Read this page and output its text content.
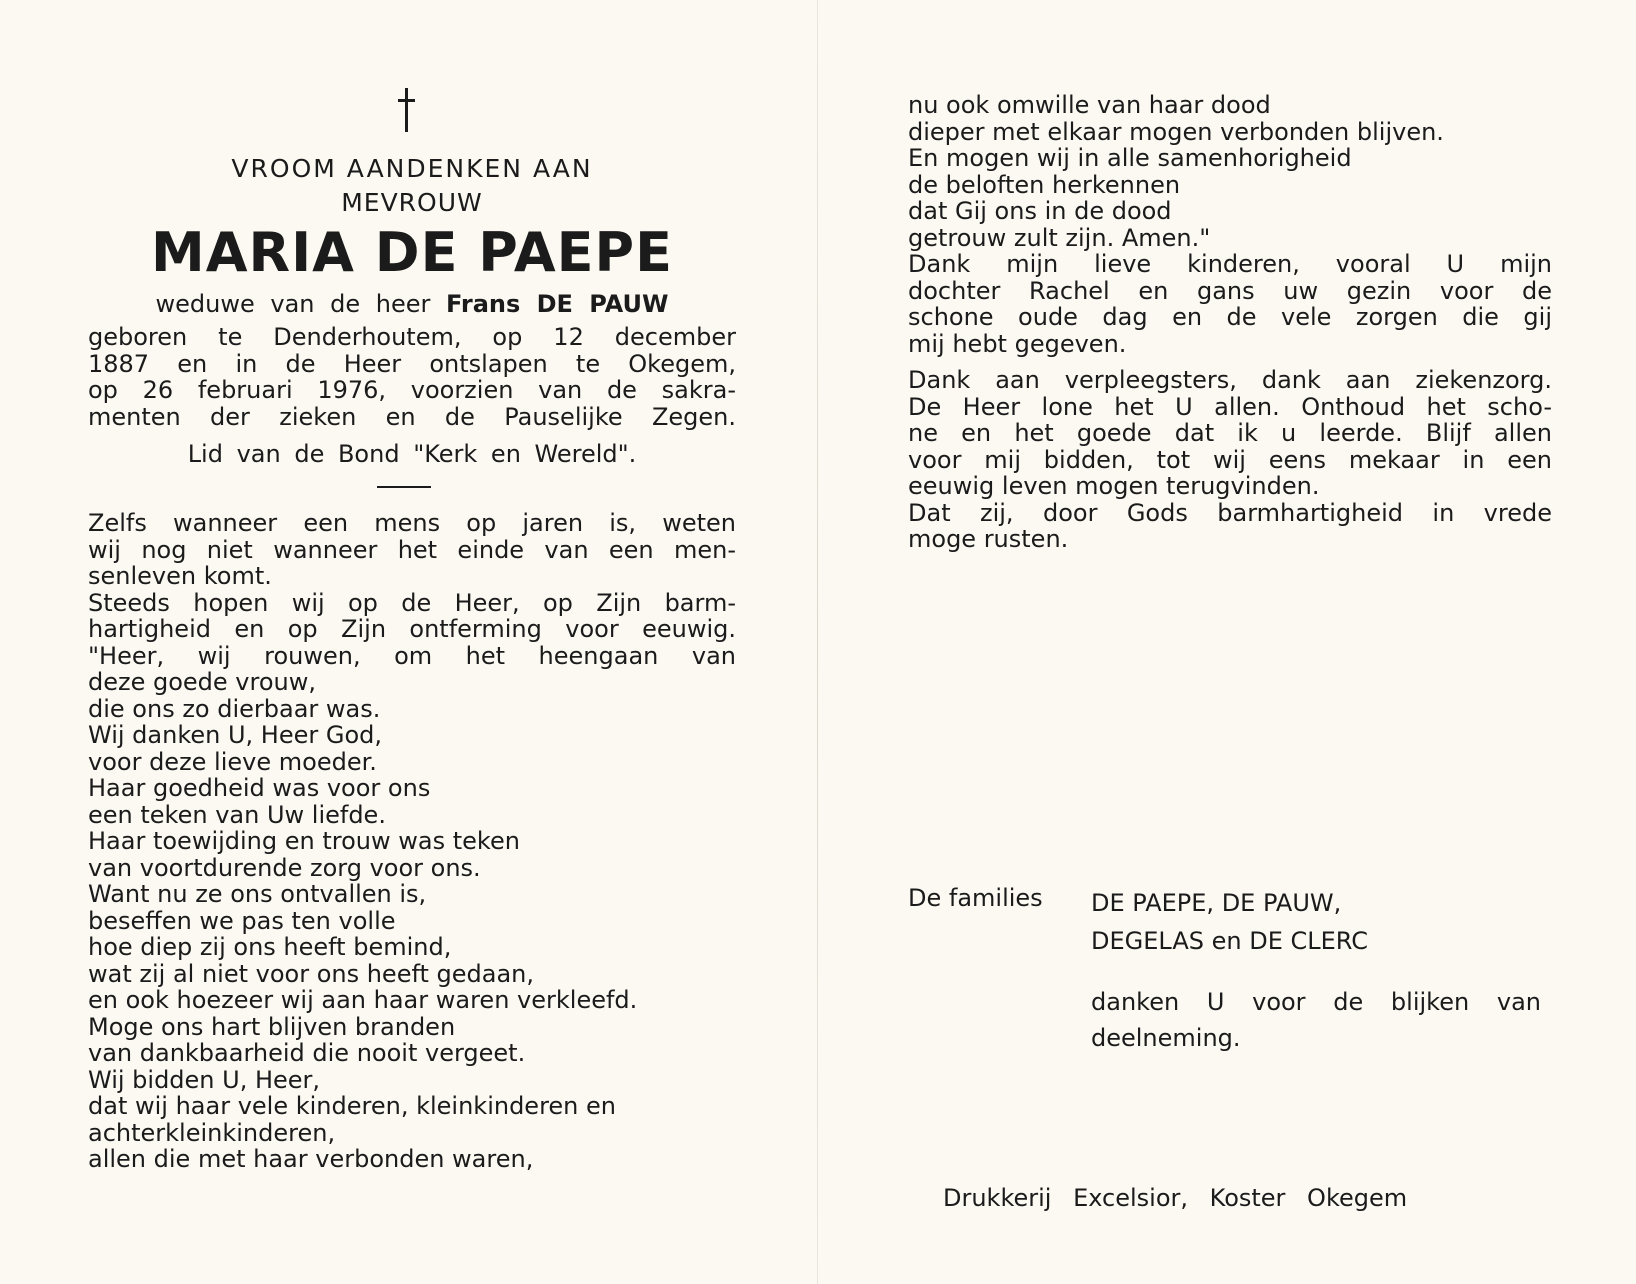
VROOM AANDENKEN AAN
MEVROUW
MARIA DE PAEPE
weduwe van de heer Frans DE PAUW
geboren te Denderhoutem, op 12 december
1887 en in de Heer ontslapen te Okegem,
op 26 februari 1976, voorzien van de sakra-
menten der zieken en de Pauselijke Zegen.
Lid van de Bond "Kerk en Wereld".
Zelfs wanneer een mens op jaren is, weten
wij nog niet wanneer het einde van een men-
senleven komt.
Steeds hopen wij op de Heer, op Zijn barm-
hartigheid en op Zijn ontferming voor eeuwig.
"Heer, wij rouwen, om het heengaan van
deze goede vrouw,
die ons zo dierbaar was.
Wij danken U, Heer God,
voor deze lieve moeder.
Haar goedheid was voor ons
een teken van Uw liefde.
Haar toewijding en trouw was teken
van voortdurende zorg voor ons.
Want nu ze ons ontvallen is,
beseffen we pas ten volle
hoe diep zij ons heeft bemind,
wat zij al niet voor ons heeft gedaan,
en ook hoezeer wij aan haar waren verkleefd.
Moge ons hart blijven branden
van dankbaarheid die nooit vergeet.
Wij bidden U, Heer,
dat wij haar vele kinderen, kleinkinderen en
achterkleinkinderen,
allen die met haar verbonden waren,
nu ook omwille van haar dood
dieper met elkaar mogen verbonden blijven.
En mogen wij in alle samenhorigheid
de beloften herkennen
dat Gij ons in de dood
getrouw zult zijn. Amen."
Dank mijn lieve kinderen, vooral U mijn
dochter Rachel en gans uw gezin voor de
schone oude dag en de vele zorgen die gij
mij hebt gegeven.
Dank aan verpleegsters, dank aan ziekenzorg.
De Heer lone het U allen. Onthoud het scho-
ne en het goede dat ik u leerde. Blijf allen
voor mij bidden, tot wij eens mekaar in een
eeuwig leven mogen terugvinden.
Dat zij, door Gods barmhartigheid in vrede
moge rusten.
De families DE PAEPE, DE PAUW,
DEGELAS en DE CLERC
danken U voor de blijken van deelneming.
Drukkerij Excelsior, Koster Okegem
